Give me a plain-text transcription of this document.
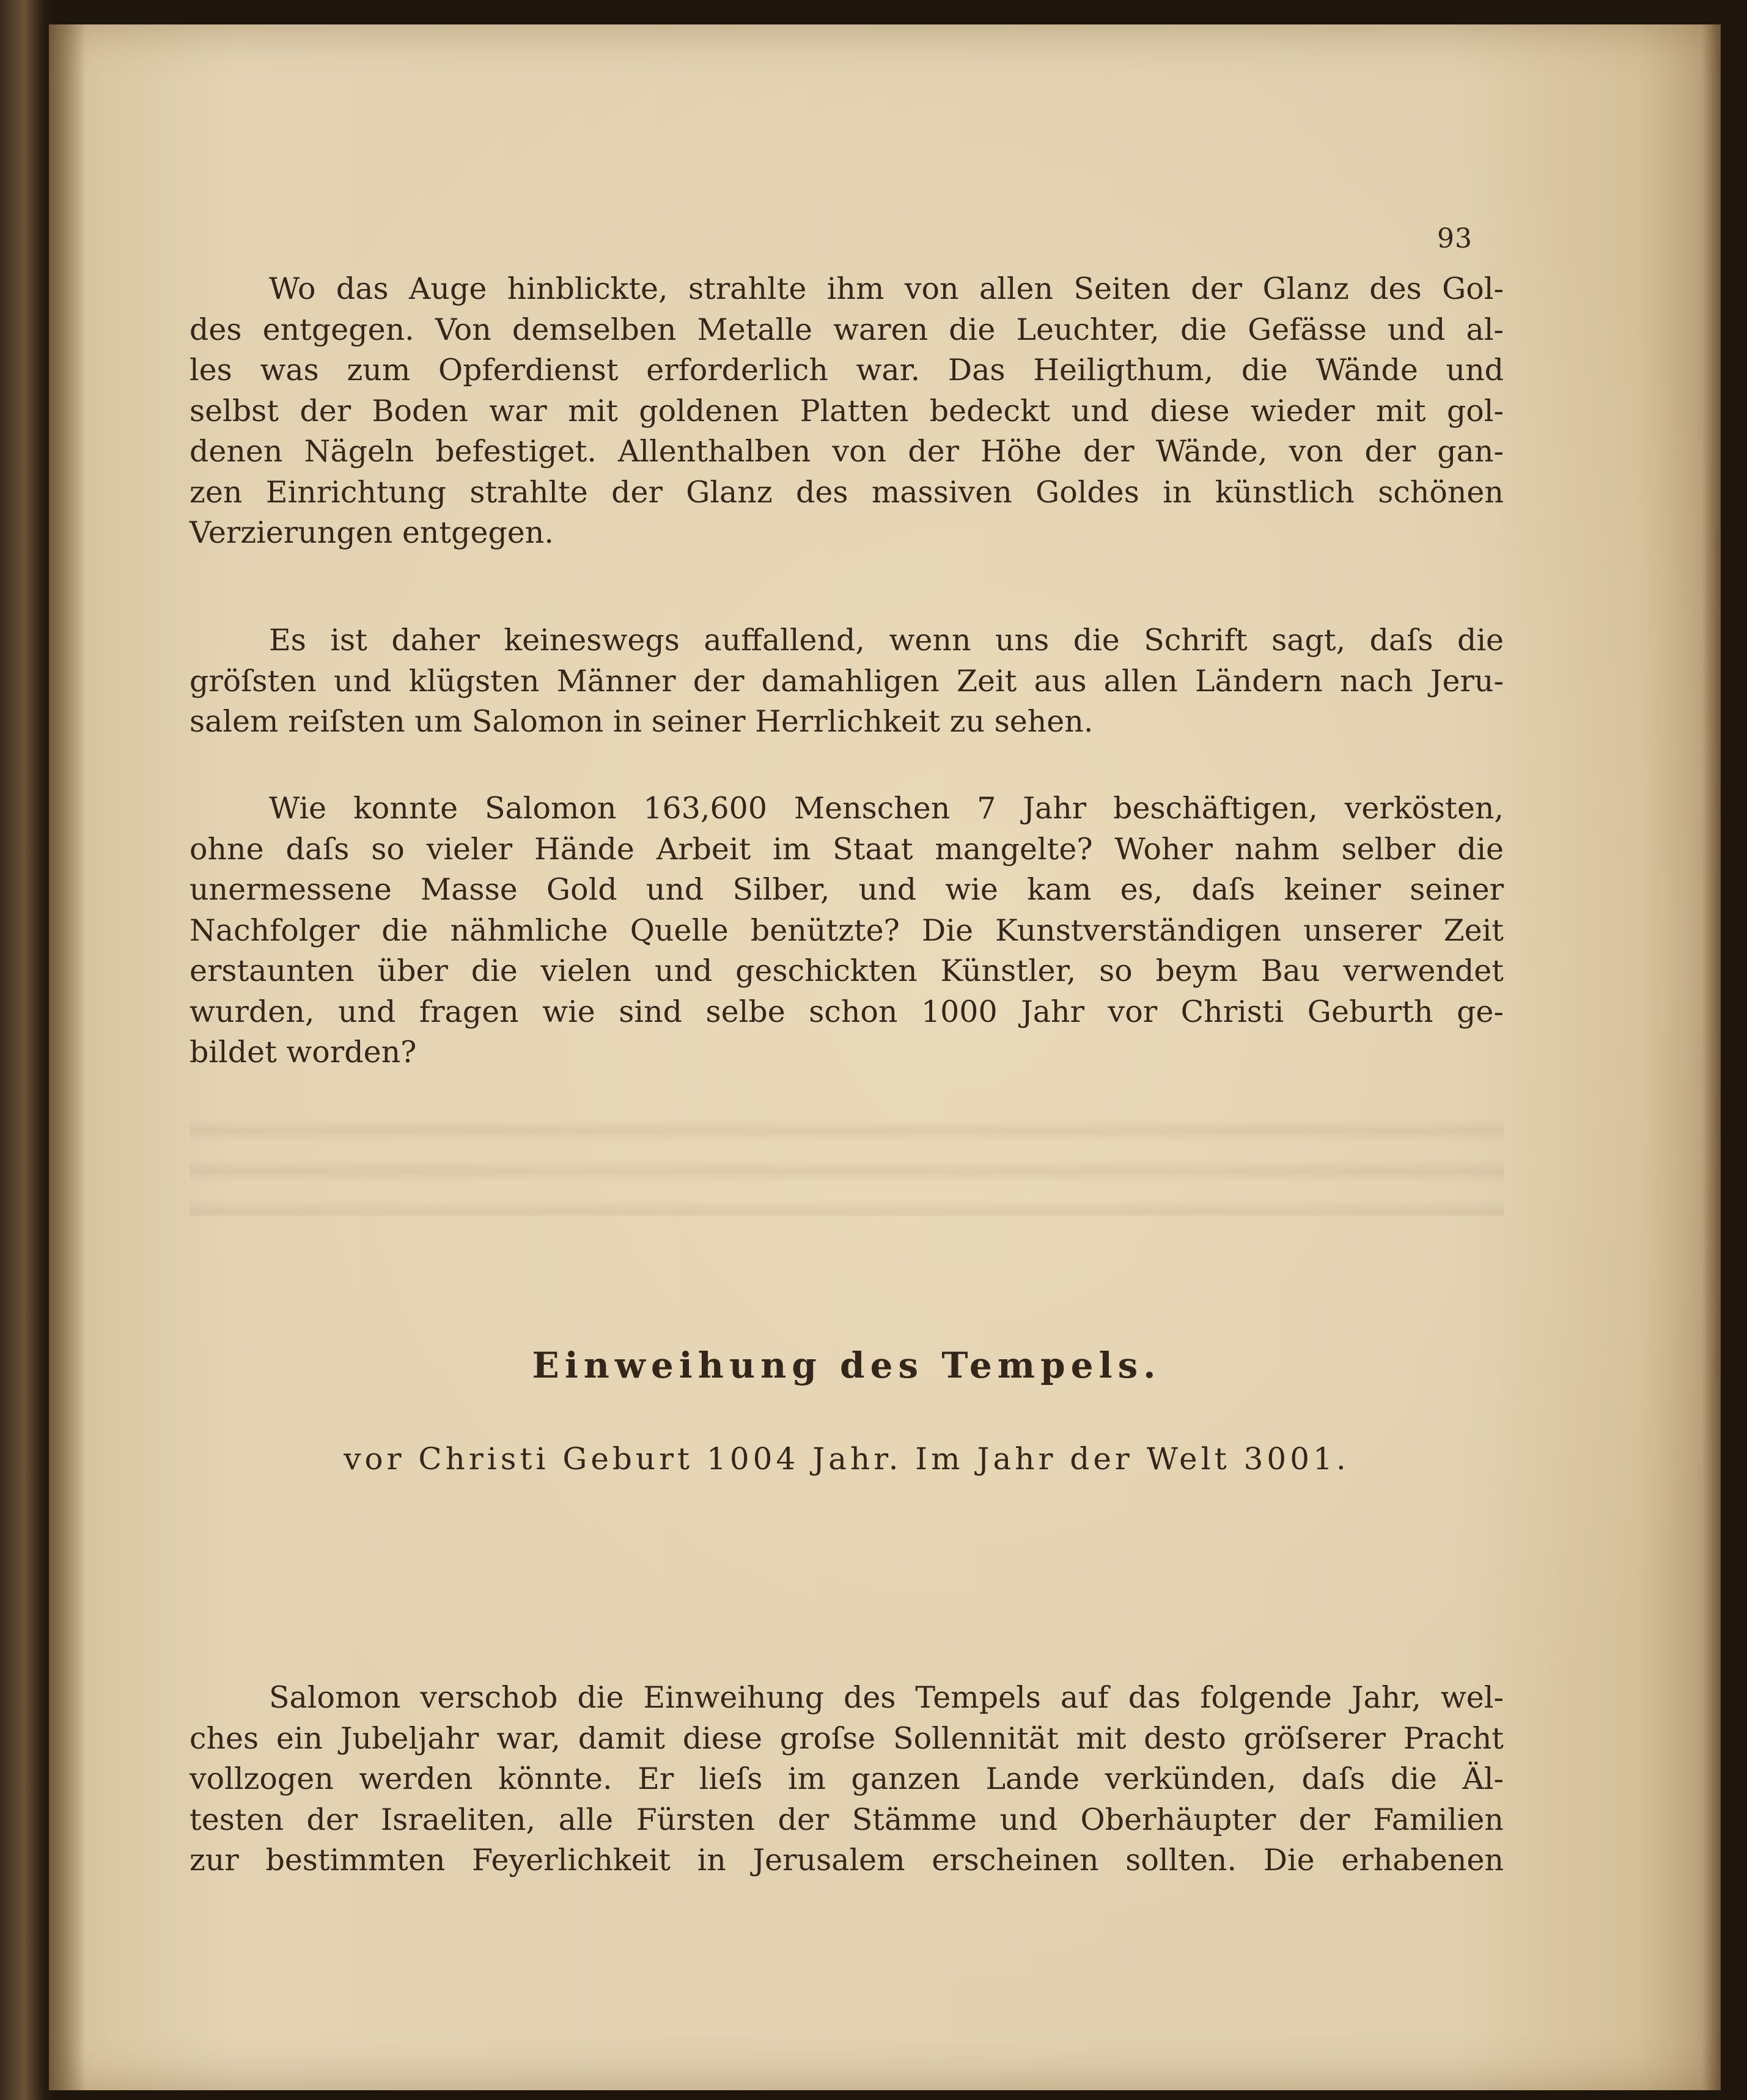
93
Wo das Auge hinblickte, strahlte ihm von allen Seiten der Glanz des Gol-
des entgegen. Von demselben Metalle waren die Leuchter, die Gefässe und al-
les was zum Opferdienst erforderlich war. Das Heiligthum, die Wände und
selbst der Boden war mit goldenen Platten bedeckt und diese wieder mit gol-
denen Nägeln befestiget. Allenthalben von der Höhe der Wände, von der gan-
zen Einrichtung strahlte der Glanz des massiven Goldes in künstlich schönen
Verzierungen entgegen.
Es ist daher keineswegs auffallend, wenn uns die Schrift sagt, daſs die
gröſsten und klügsten Männer der damahligen Zeit aus allen Ländern nach Jeru-
salem reiſsten um Salomon in seiner Herrlichkeit zu sehen.
Wie konnte Salomon 163,600 Menschen 7 Jahr beschäftigen, verkösten,
ohne daſs so vieler Hände Arbeit im Staat mangelte? Woher nahm selber die
unermessene Masse Gold und Silber, und wie kam es, daſs keiner seiner
Nachfolger die nähmliche Quelle benützte? Die Kunstverständigen unserer Zeit
erstaunten über die vielen und geschickten Künstler, so beym Bau verwendet
wurden, und fragen wie sind selbe schon 1000 Jahr vor Christi Geburth ge-
bildet worden?
Einweihung des Tempels.
vor Christi Geburt 1004 Jahr. Im Jahr der Welt 3001.
Salomon verschob die Einweihung des Tempels auf das folgende Jahr, wel-
ches ein Jubeljahr war, damit diese groſse Sollennität mit desto gröſserer Pracht
vollzogen werden könnte. Er lieſs im ganzen Lande verkünden, daſs die Äl-
testen der Israeliten, alle Fürsten der Stämme und Oberhäupter der Familien
zur bestimmten Feyerlichkeit in Jerusalem erscheinen sollten. Die erhabenen
